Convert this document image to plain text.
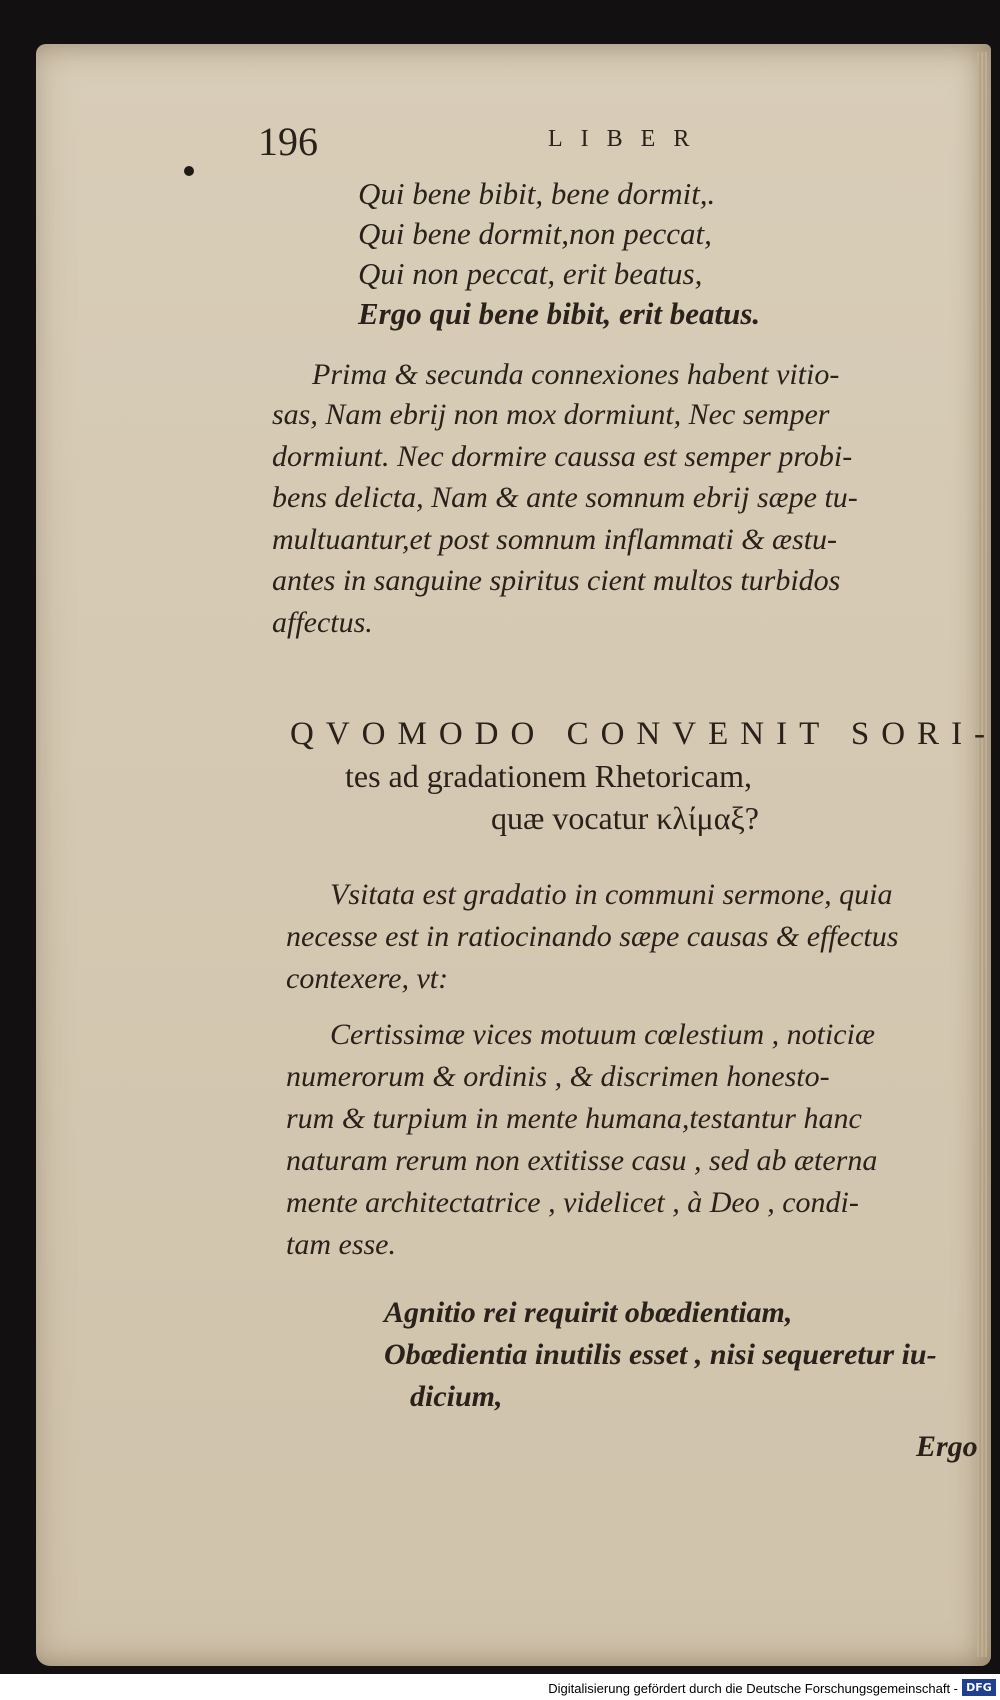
196	LIBER
Qui bene bibit, bene dormit,.
Qui bene dormit,non peccat,
Qui non peccat, erit beatus,
Ergo qui bene bibit, erit beatus.
Prima & secunda connexiones habent vitio-
sas, Nam ebrij non mox dormiunt, Nec semper
dormiunt. Nec dormire caussa est semper probi-
bens delicta, Nam & ante somnum ebrij sæpe tu-
multuantur,et post somnum inflammati & æstu-
antes in sanguine spiritus cient multos turbidos
affectus.
QVOMODO CONVENIT SORI-
tes ad gradationem Rhetoricam,
quæ vocatur κλίμαξ?
Vsitata est gradatio in communi sermone, quia
necesse est in ratiocinando sæpe causas & effectus
contexere, vt:
Certissimæ vices motuum cœlestium , noticiæ
numerorum & ordinis , & discrimen honesto-
rum & turpium in mente humana,testantur hanc
naturam rerum non extitisse casu , sed ab æterna
mente architectatrice , videlicet , à Deo , condi-
tam esse.
Agnitio rei requirit obœdientiam,
Obœdientia inutilis esset , nisi sequeretur iu-
dicium,
Ergo
Digitalisierung gefördert durch die Deutsche Forschungsgemeinschaft - DFG
